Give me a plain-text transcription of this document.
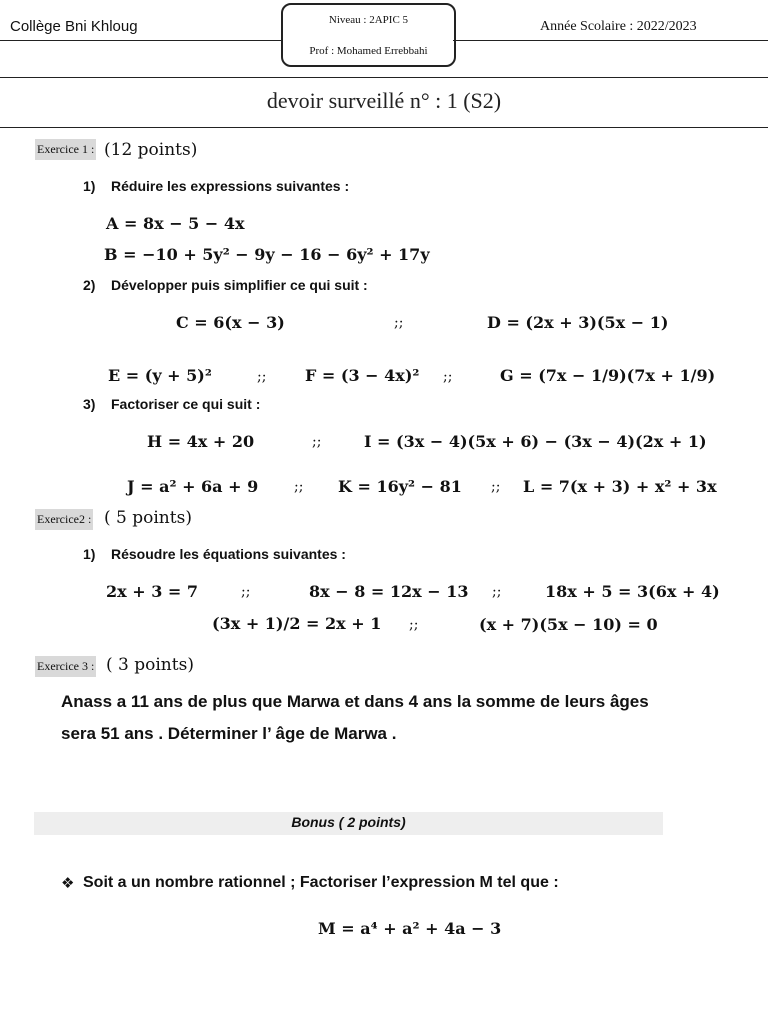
Collège Bni Khloug	Niveau : 2APIC 5
Prof : Mohamed Errebbahi
Année Scolaire : 2022/2023
devoir surveillé n° : 1 (S2)
Exercice 1 : (12 points)
1) Réduire les expressions suivantes :
A = 8x − 5 − 4x
B = −10 + 5y² − 9y − 16 − 6y² + 17y
2) Développer puis simplifier ce qui suit :
C = 6(x − 3)	;;	D = (2x + 3)(5x − 1)
E = (y + 5)²	;; F = (3 − 4x)² ;;	G = (7x − 1/9)(7x + 1/9)
3) Factoriser ce qui suit :
H = 4x + 20	;;	I = (3x − 4)(5x + 6) − (3x − 4)(2x + 1)
J = a² + 6a + 9	;; K = 16y² − 81 ;; L = 7(x + 3) + x² + 3x
Exercice2 : ( 5 points)
1) Résoudre les équations suivantes :
2x + 3 = 7	;;	8x − 8 = 12x − 13 ;;	18x + 5 = 3(6x + 4)
(3x + 1)/2 = 2x + 1 ;;	(x + 7)(5x − 10) = 0
Exercice 3 : ( 3 points)
Anass a 11 ans de plus que Marwa et dans 4 ans la somme de leurs âges
sera 51 ans . Déterminer l’ âge de Marwa .
Bonus ( 2 points)
❖ Soit a un nombre rationnel ; Factoriser l’expression M tel que :
M = a⁴ + a² + 4a − 3
